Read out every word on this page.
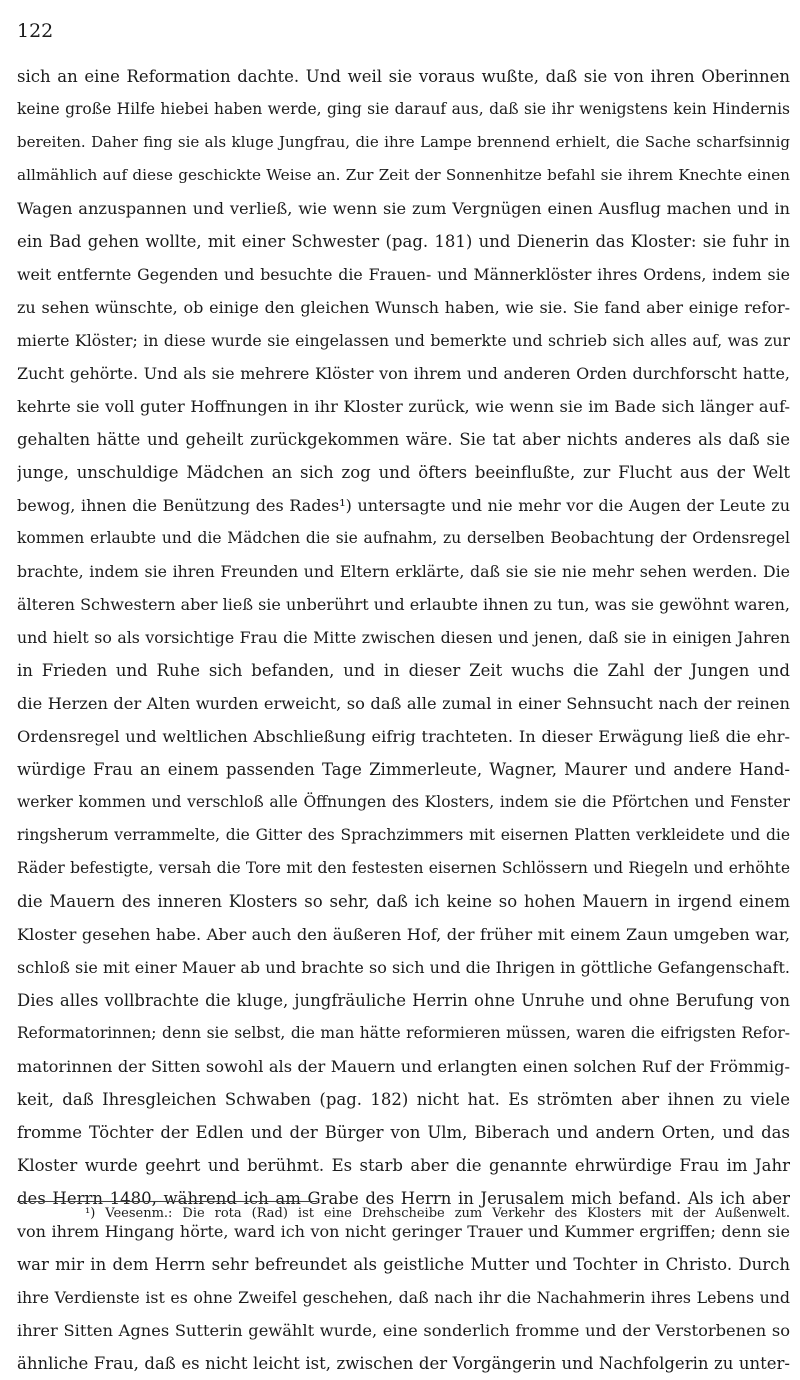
122
sich an eine Reformation dachte. Und weil sie voraus wußte, daß sie von ihren Oberinnen
keine große Hilfe hiebei haben werde, ging sie darauf aus, daß sie ihr wenigstens kein Hindernis
bereiten. Daher fing sie als kluge Jungfrau, die ihre Lampe brennend erhielt, die Sache scharfsinnig
allmählich auf diese geschickte Weise an. Zur Zeit der Sonnenhitze befahl sie ihrem Knechte einen
Wagen anzuspannen und verließ, wie wenn sie zum Vergnügen einen Ausflug machen und in
ein Bad gehen wollte, mit einer Schwester (pag. 181) und Dienerin das Kloster: sie fuhr in
weit entfernte Gegenden und besuchte die Frauen- und Männerklöster ihres Ordens, indem sie
zu sehen wünschte, ob einige den gleichen Wunsch haben, wie sie. Sie fand aber einige refor-
mierte Klöster; in diese wurde sie eingelassen und bemerkte und schrieb sich alles auf, was zur
Zucht gehörte. Und als sie mehrere Klöster von ihrem und anderen Orden durchforscht hatte,
kehrte sie voll guter Hoffnungen in ihr Kloster zurück, wie wenn sie im Bade sich länger auf-
gehalten hätte und geheilt zurückgekommen wäre. Sie tat aber nichts anderes als daß sie
junge, unschuldige Mädchen an sich zog und öfters beeinflußte, zur Flucht aus der Welt
bewog, ihnen die Benützung des Rades¹) untersagte und nie mehr vor die Augen der Leute zu
kommen erlaubte und die Mädchen die sie aufnahm, zu derselben Beobachtung der Ordensregel
brachte, indem sie ihren Freunden und Eltern erklärte, daß sie sie nie mehr sehen werden. Die
älteren Schwestern aber ließ sie unberührt und erlaubte ihnen zu tun, was sie gewöhnt waren,
und hielt so als vorsichtige Frau die Mitte zwischen diesen und jenen, daß sie in einigen Jahren
in Frieden und Ruhe sich befanden, und in dieser Zeit wuchs die Zahl der Jungen und
die Herzen der Alten wurden erweicht, so daß alle zumal in einer Sehnsucht nach der reinen
Ordensregel und weltlichen Abschließung eifrig trachteten. In dieser Erwägung ließ die ehr-
würdige Frau an einem passenden Tage Zimmerleute, Wagner, Maurer und andere Hand-
werker kommen und verschloß alle Öffnungen des Klosters, indem sie die Pförtchen und Fenster
ringsherum verrammelte, die Gitter des Sprachzimmers mit eisernen Platten verkleidete und die
Räder befestigte, versah die Tore mit den festesten eisernen Schlössern und Riegeln und erhöhte
die Mauern des inneren Klosters so sehr, daß ich keine so hohen Mauern in irgend einem
Kloster gesehen habe. Aber auch den äußeren Hof, der früher mit einem Zaun umgeben war,
schloß sie mit einer Mauer ab und brachte so sich und die Ihrigen in göttliche Gefangenschaft.
Dies alles vollbrachte die kluge, jungfräuliche Herrin ohne Unruhe und ohne Berufung von
Reformatorinnen; denn sie selbst, die man hätte reformieren müssen, waren die eifrigsten Refor-
matorinnen der Sitten sowohl als der Mauern und erlangten einen solchen Ruf der Frömmig-
keit, daß Ihresgleichen Schwaben (pag. 182) nicht hat. Es strömten aber ihnen zu viele
fromme Töchter der Edlen und der Bürger von Ulm, Biberach und andern Orten, und das
Kloster wurde geehrt und berühmt. Es starb aber die genannte ehrwürdige Frau im Jahr
des Herrn 1480, während ich am Grabe des Herrn in Jerusalem mich befand. Als ich aber
von ihrem Hingang hörte, ward ich von nicht geringer Trauer und Kummer ergriffen; denn sie
war mir in dem Herrn sehr befreundet als geistliche Mutter und Tochter in Christo. Durch
ihre Verdienste ist es ohne Zweifel geschehen, daß nach ihr die Nachahmerin ihres Lebens und
ihrer Sitten Agnes Sutterin gewählt wurde, eine sonderlich fromme und der Verstorbenen so
ähnliche Frau, daß es nicht leicht ist, zwischen der Vorgängerin und Nachfolgerin zu unter-
¹) Veesenm.: Die rota (Rad) ist eine Drehscheibe zum Verkehr des Klosters mit der Außenwelt.
